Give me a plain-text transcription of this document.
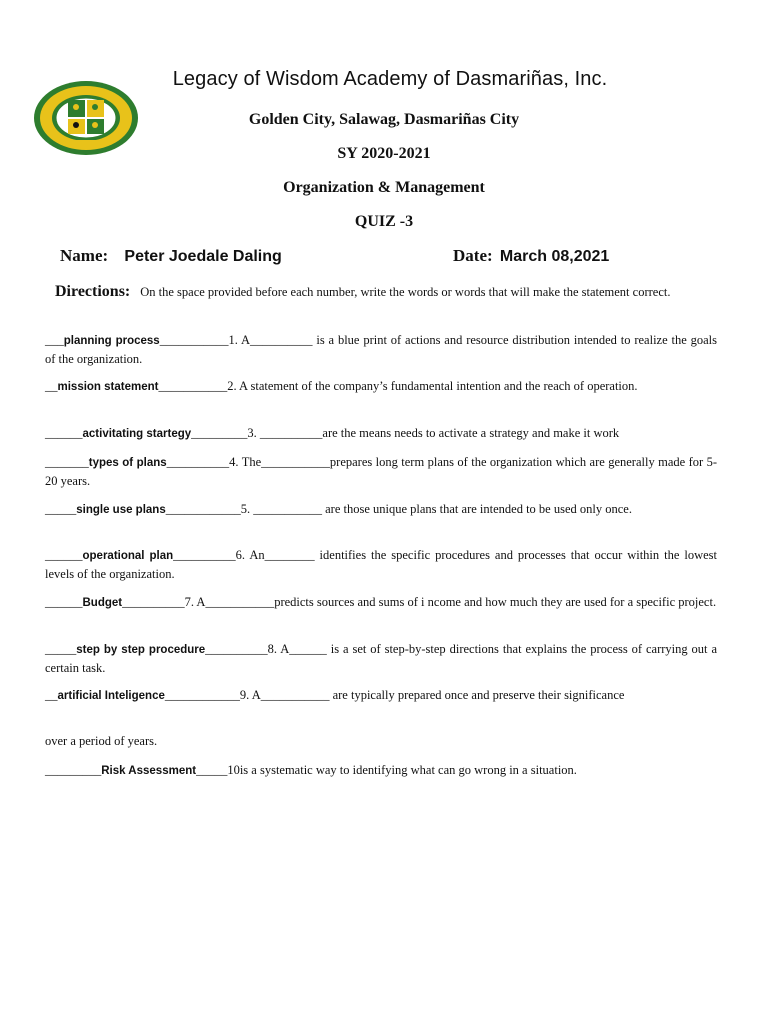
Legacy of Wisdom Academy of Dasmariñas, Inc.
Golden City, Salawag, Dasmariñas City
SY 2020-2021
Organization & Management
QUIZ -3
Name: Peter Joedale Daling	Date: March 08,2021
Directions: On the space provided before each number, write the words or words that will make the statement correct.
___planning process___________1. A__________ is a blue print of actions and resource distribution intended to realize the goals of the organization.
__mission statement___________2. A statement of the company’s fundamental intention and the reach of operation.
______activitating startegy_________3. __________are the means needs to activate a strategy and make it work
_______types of plans__________4. The___________prepares long term plans of the organization which are generally made for 5-20 years.
_____single use plans____________5. ___________ are those unique plans that are intended to be used only once.
______operational plan__________6. An________ identifies the specific procedures and processes that occur within the lowest levels of the organization.
______Budget__________7. A___________predicts sources and sums of i ncome and how much they are used for a specific project.
_____step by step procedure__________8. A______ is a set of step-by-step directions that explains the process of carrying out a certain task.
__artificial Inteligence____________9. A___________ are typically prepared once and preserve their significance
over a period of years.
_________Risk Assessment_____10is a systematic way to identifying what can go wrong in a situation.
